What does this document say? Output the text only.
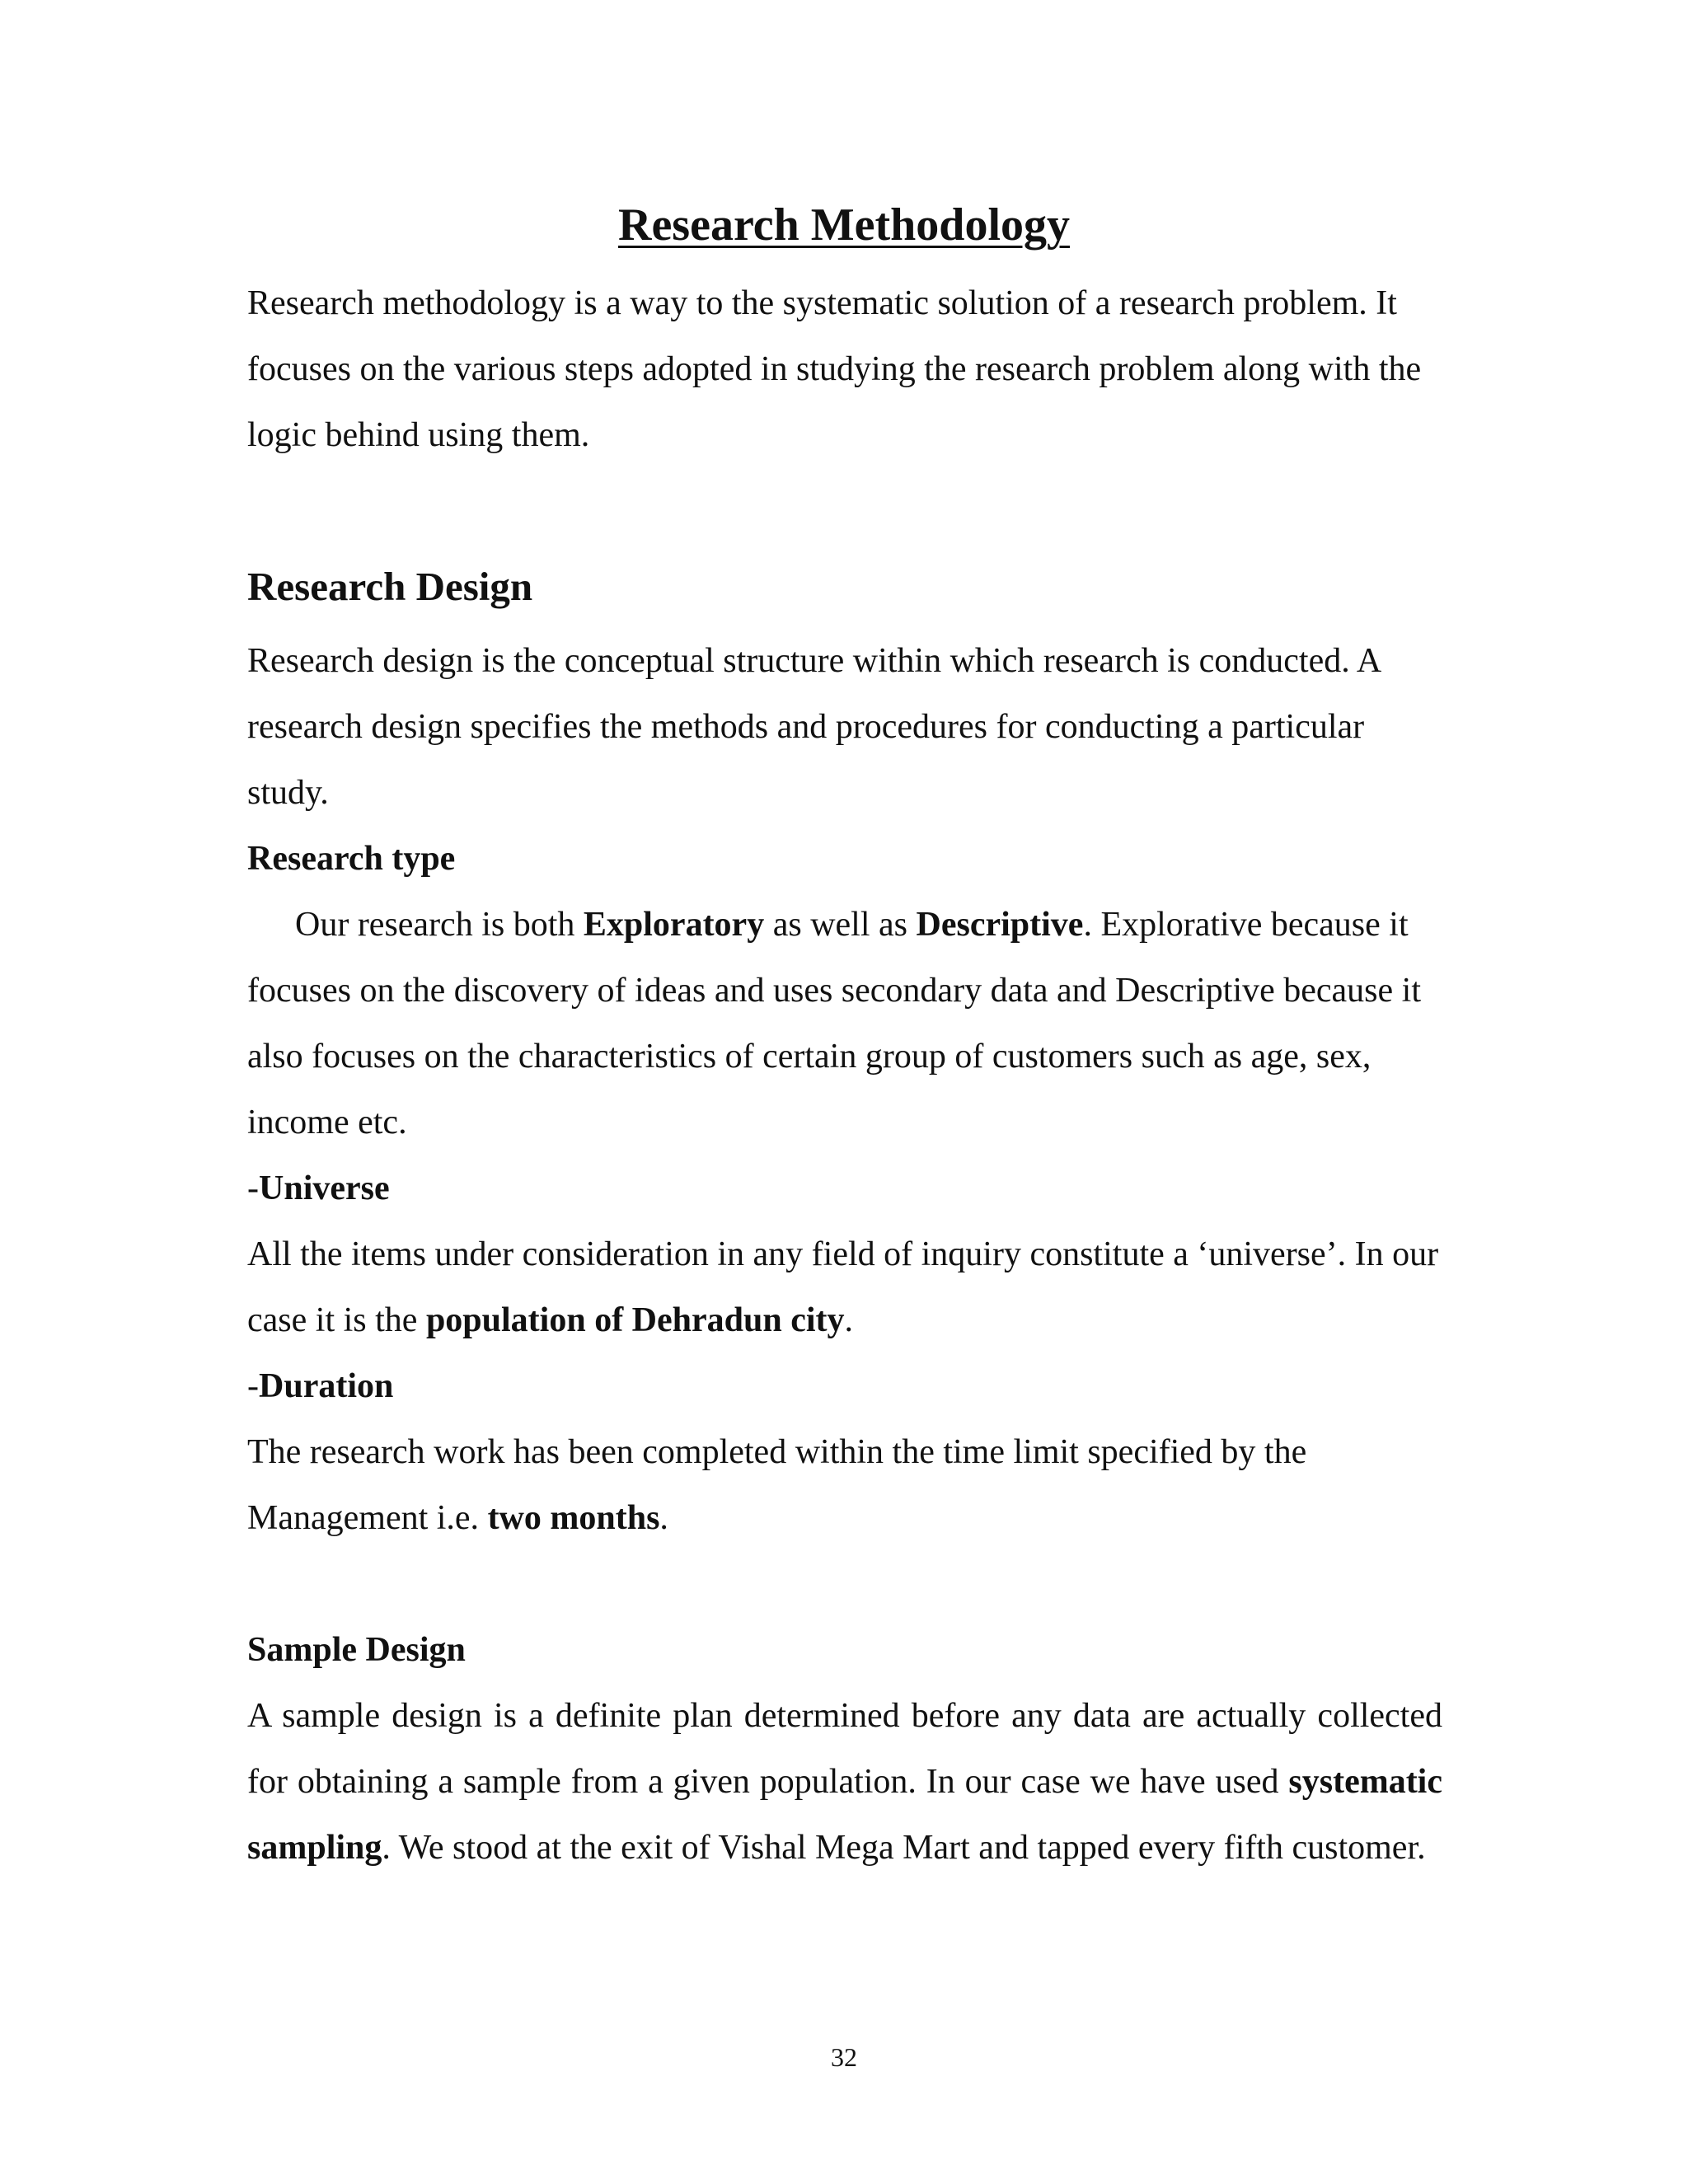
Research Methodology

Research methodology is a way to the systematic solution of a research problem. It focuses on the various steps adopted in studying the research problem along with the logic behind using them.

Research Design

Research design is the conceptual structure within which research is conducted. A research design specifies the methods and procedures for conducting a particular study.

Research type

Our research is both Exploratory as well as Descriptive. Explorative because it focuses on the discovery of ideas and uses secondary data and Descriptive because it also focuses on the characteristics of certain group of customers such as age, sex, income etc.

-Universe

All the items under consideration in any field of inquiry constitute a ‘universe’. In our case it is the population of Dehradun city.

-Duration

The research work has been completed within the time limit specified by the Management i.e. two months.

Sample Design

A sample design is a definite plan determined before any data are actually collected for obtaining a sample from a given population. In our case we have used systematic sampling. We stood at the exit of Vishal Mega Mart and tapped every fifth customer.

32
